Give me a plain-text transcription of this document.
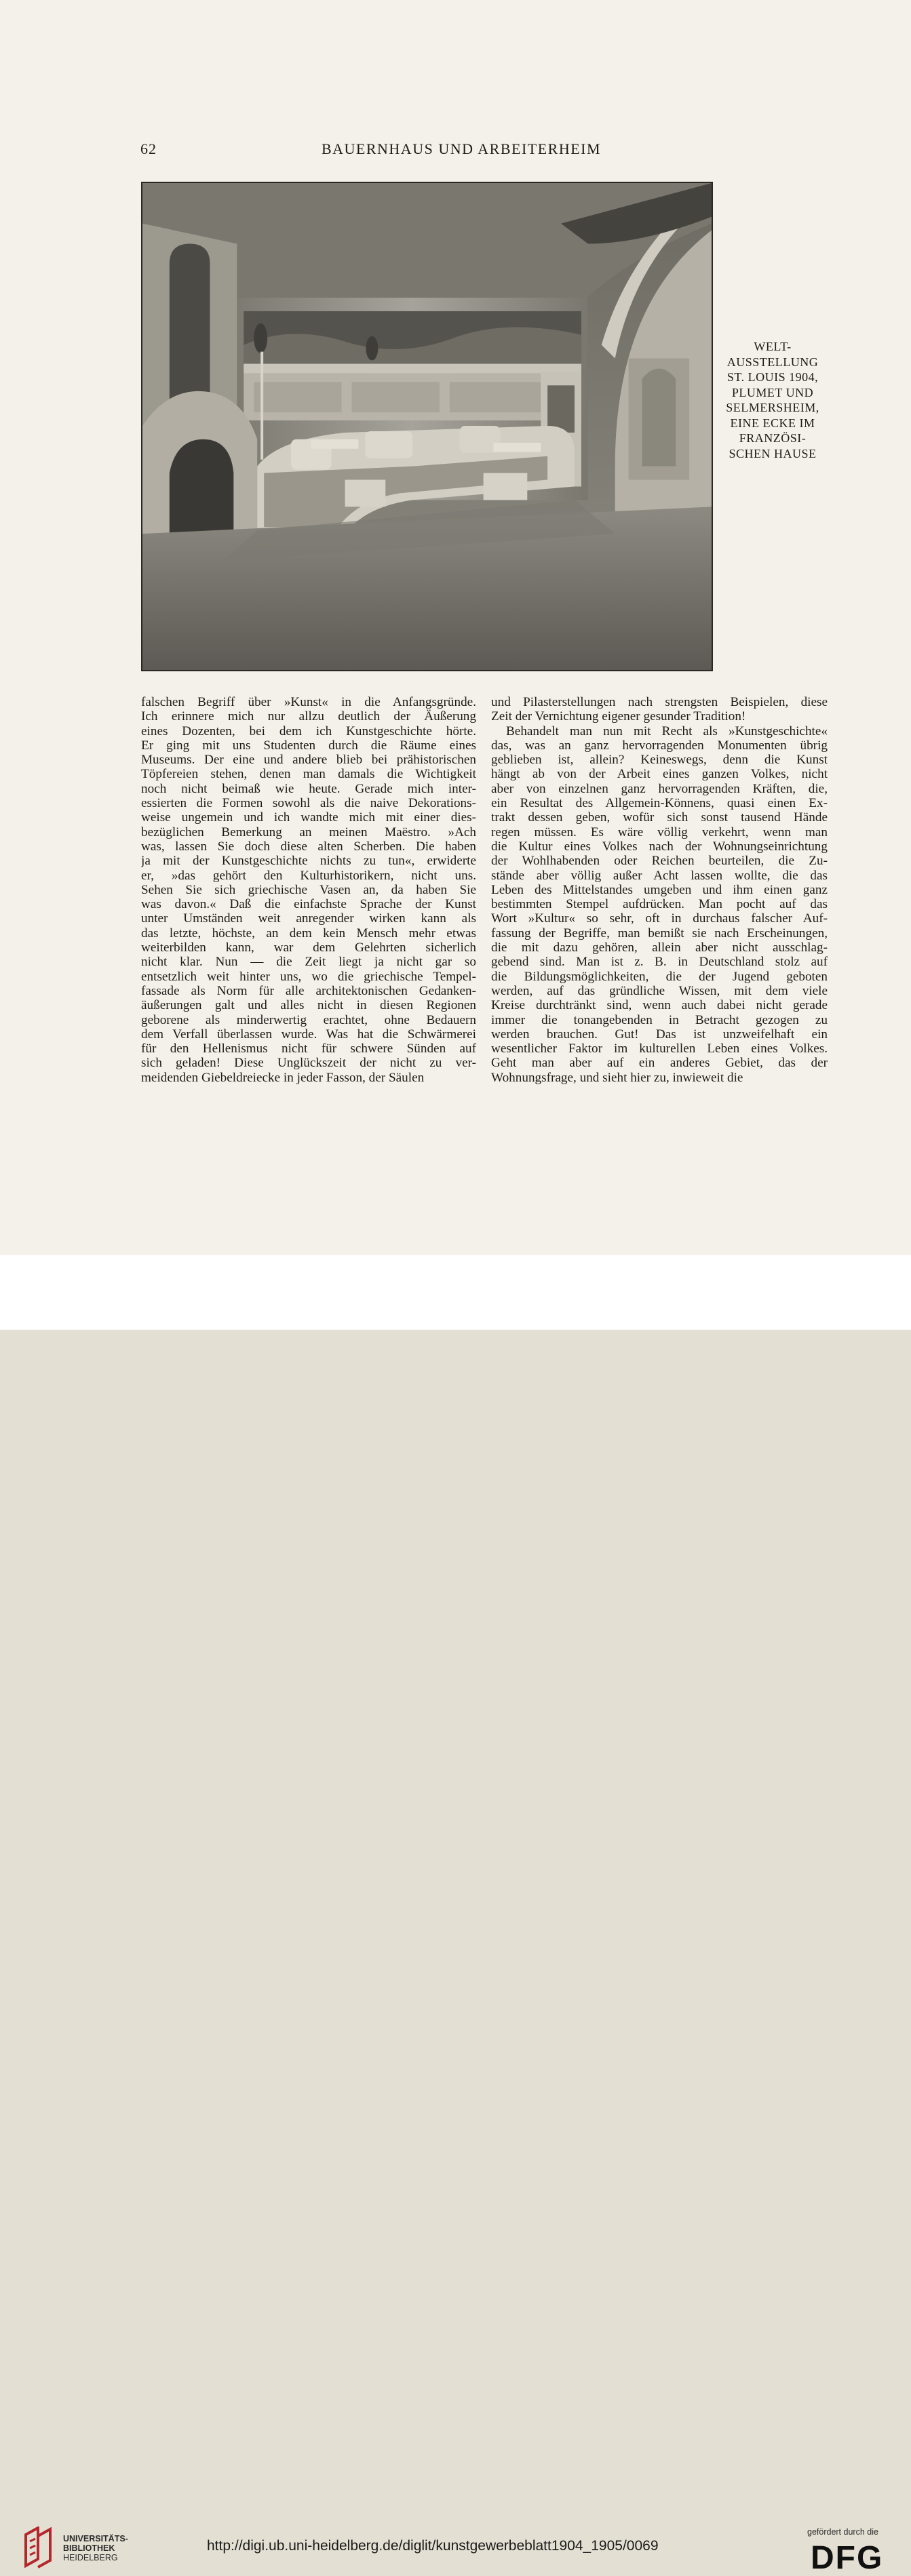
62	BAUERNHAUS UND ARBEITERHEIM
WELT-
AUSSTELLUNG
ST. LOUIS 1904,
PLUMET UND
SELMERSHEIM,
EINE ECKE IM
FRANZÖSI-
SCHEN HAUSE
falschen Begriff über »Kunst« in die Anfangsgründe.
Ich erinnere mich nur allzu deutlich der Äußerung
eines Dozenten, bei dem ich Kunstgeschichte hörte.
Er ging mit uns Studenten durch die Räume eines
Museums. Der eine und andere blieb bei prähistorischen
Töpfereien stehen, denen man damals die Wichtigkeit
noch nicht beimaß wie heute. Gerade mich inter-
essierten die Formen sowohl als die naive Dekorations-
weise ungemein und ich wandte mich mit einer dies-
bezüglichen Bemerkung an meinen Maëstro. »Ach
was, lassen Sie doch diese alten Scherben. Die haben
ja mit der Kunstgeschichte nichts zu tun«, erwiderte
er, »das gehört den Kulturhistorikern, nicht uns.
Sehen Sie sich griechische Vasen an, da haben Sie
was davon.« Daß die einfachste Sprache der Kunst
unter Umständen weit anregender wirken kann als
das letzte, höchste, an dem kein Mensch mehr etwas
weiterbilden kann, war dem Gelehrten sicherlich
nicht klar. Nun — die Zeit liegt ja nicht gar so
entsetzlich weit hinter uns, wo die griechische Tempel-
fassade als Norm für alle architektonischen Gedanken-
äußerungen galt und alles nicht in diesen Regionen
geborene als minderwertig erachtet, ohne Bedauern
dem Verfall überlassen wurde. Was hat die Schwärmerei
für den Hellenismus nicht für schwere Sünden auf
sich geladen! Diese Unglückszeit der nicht zu ver-
meidenden Giebeldreiecke in jeder Fasson, der Säulen
und Pilasterstellungen nach strengsten Beispielen, diese
Zeit der Vernichtung eigener gesunder Tradition!
Behandelt man nun mit Recht als »Kunstgeschichte«
das, was an ganz hervorragenden Monumenten übrig
geblieben ist, allein? Keineswegs, denn die Kunst
hängt ab von der Arbeit eines ganzen Volkes, nicht
aber von einzelnen ganz hervorragenden Kräften, die,
ein Resultat des Allgemein-Könnens, quasi einen Ex-
trakt dessen geben, wofür sich sonst tausend Hände
regen müssen. Es wäre völlig verkehrt, wenn man
die Kultur eines Volkes nach der Wohnungseinrichtung
der Wohlhabenden oder Reichen beurteilen, die Zu-
stände aber völlig außer Acht lassen wollte, die das
Leben des Mittelstandes umgeben und ihm einen ganz
bestimmten Stempel aufdrücken. Man pocht auf das
Wort »Kultur« so sehr, oft in durchaus falscher Auf-
fassung der Begriffe, man bemißt sie nach Erscheinungen,
die mit dazu gehören, allein aber nicht ausschlag-
gebend sind. Man ist z. B. in Deutschland stolz auf
die Bildungsmöglichkeiten, die der Jugend geboten
werden, auf das gründliche Wissen, mit dem viele
Kreise durchtränkt sind, wenn auch dabei nicht gerade
immer die tonangebenden in Betracht gezogen zu
werden brauchen. Gut! Das ist unzweifelhaft ein
wesentlicher Faktor im kulturellen Leben eines Volkes.
Geht man aber auf ein anderes Gebiet, das der
Wohnungsfrage, und sieht hier zu, inwieweit die
UNIVERSITÄTS-
BIBLIOTHEK
HEIDELBERG
http://digi.ub.uni-heidelberg.de/diglit/kunstgewerbeblatt1904_1905/0069
gefördert durch die
DFG
